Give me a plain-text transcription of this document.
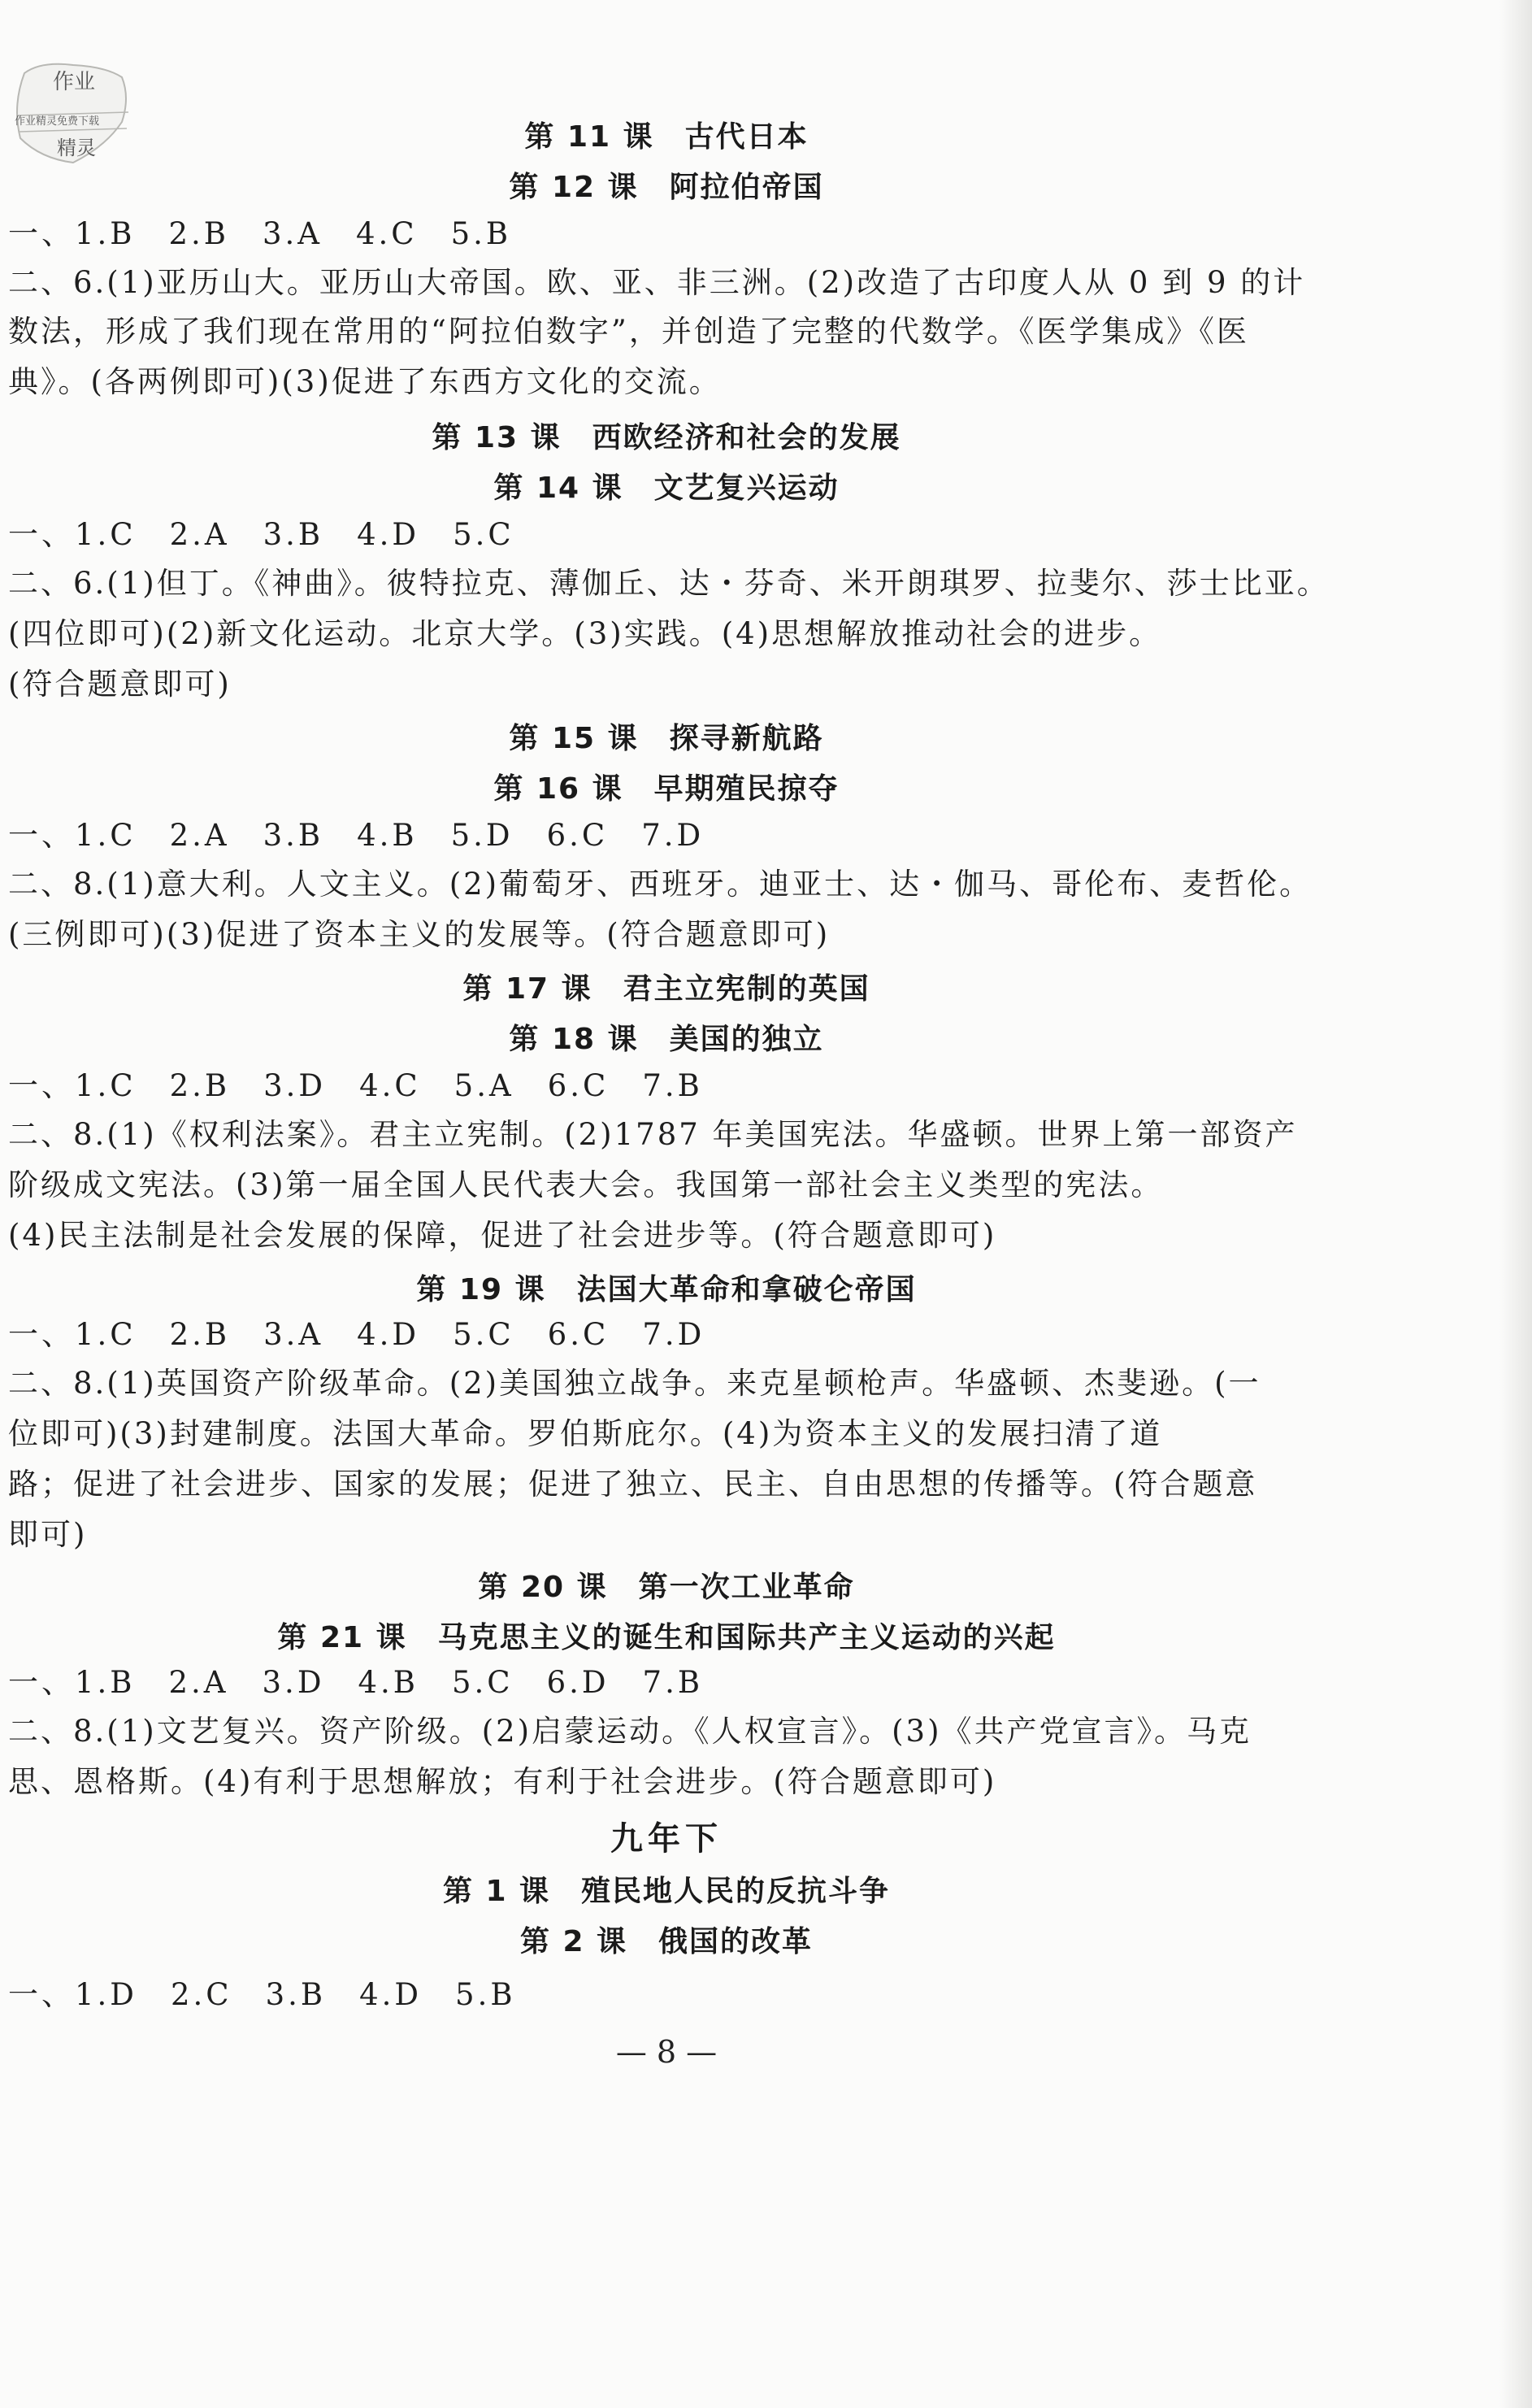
作业
作业精灵免费下载
精灵	第 11 课　古代日本
第 12 课　阿拉伯帝国
一、1.B　2.B　3.A　4.C　5.B
二、6.(1)亚历山大。亚历山大帝国。欧、亚、非三洲。(2)改造了古印度人从 0 到 9 的计
数法，形成了我们现在常用的“阿拉伯数字”，并创造了完整的代数学。《医学集成》《医
典》。(各两例即可)(3)促进了东西方文化的交流。
第 13 课　西欧经济和社会的发展
第 14 课　文艺复兴运动
一、1.C　2.A　3.B　4.D　5.C
二、6.(1)但丁。《神曲》。彼特拉克、薄伽丘、达・芬奇、米开朗琪罗、拉斐尔、莎士比亚。
(四位即可)(2)新文化运动。北京大学。(3)实践。(4)思想解放推动社会的进步。
(符合题意即可)
第 15 课　探寻新航路
第 16 课　早期殖民掠夺
一、1.C　2.A　3.B　4.B　5.D　6.C　7.D
二、8.(1)意大利。人文主义。(2)葡萄牙、西班牙。迪亚士、达・伽马、哥伦布、麦哲伦。
(三例即可)(3)促进了资本主义的发展等。(符合题意即可)
第 17 课　君主立宪制的英国
第 18 课　美国的独立
一、1.C　2.B　3.D　4.C　5.A　6.C　7.B
二、8.(1)《权利法案》。君主立宪制。(2)1787 年美国宪法。华盛顿。世界上第一部资产
阶级成文宪法。(3)第一届全国人民代表大会。我国第一部社会主义类型的宪法。
(4)民主法制是社会发展的保障，促进了社会进步等。(符合题意即可)
第 19 课　法国大革命和拿破仑帝国
一、1.C　2.B　3.A　4.D　5.C　6.C　7.D
二、8.(1)英国资产阶级革命。(2)美国独立战争。来克星顿枪声。华盛顿、杰斐逊。(一
位即可)(3)封建制度。法国大革命。罗伯斯庇尔。(4)为资本主义的发展扫清了道
路；促进了社会进步、国家的发展；促进了独立、民主、自由思想的传播等。(符合题意
即可)
第 20 课　第一次工业革命
第 21 课　马克思主义的诞生和国际共产主义运动的兴起
一、1.B　2.A　3.D　4.B　5.C　6.D　7.B
二、8.(1)文艺复兴。资产阶级。(2)启蒙运动。《人权宣言》。(3)《共产党宣言》。马克
思、恩格斯。(4)有利于思想解放；有利于社会进步。(符合题意即可)
九年下
第 1 课　殖民地人民的反抗斗争
第 2 课　俄国的改革
一、1.D　2.C　3.B　4.D　5.B
— 8 —
